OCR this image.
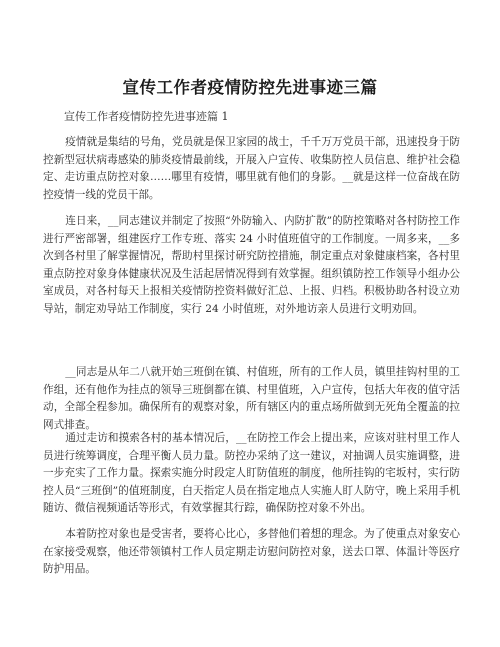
宣传工作者疫情防控先进事迹三篇

宣传工作者疫情防控先进事迹篇 1

疫情就是集结的号角，党员就是保卫家园的战士，千千万万党员干部，迅速投身于防控新型冠状病毒感染的肺炎疫情最前线，开展入户宣传、收集防控人员信息、维护社会稳定、走访重点防控对象……哪里有疫情，哪里就有他们的身影。__就是这样一位奋战在防控疫情一线的党员干部。

连日来，__同志建议并制定了按照“外防输入、内防扩散”的防控策略对各村防控工作进行严密部署，组建医疗工作专班、落实 24 小时值班值守的工作制度。一周多来，__多次到各村里了解掌握情况，帮助村里探讨研究防控措施，制定重点对象健康档案，各村里重点防控对象身体健康状况及生活起居情况得到有效掌握。组织镇防控工作领导小组办公室成员，对各村每天上报相关疫情防控资料做好汇总、上报、归档。积极协助各村设立劝导站，制定劝导站工作制度，实行 24 小时值班，对外地访亲人员进行文明劝回。

__同志是从年二八就开始三班倒在镇、村值班，所有的工作人员，镇里挂钩村里的工作组，还有他作为挂点的领导三班倒都在镇、村里值班，入户宣传，包括大年夜的值守活动，全部全程参加。确保所有的观察对象，所有辖区内的重点场所做到无死角全覆盖的拉网式排查。

通过走访和摸索各村的基本情况后，__在防控工作会上提出来，应该对驻村里工作人员进行统筹调度，合理平衡人员力量。防控办采纳了这一建议，对抽调人员实施调整，进一步充实了工作力量。探索实施分时段定人盯防值班的制度，他所挂钩的宅坂村，实行防控人员“三班倒”的值班制度，白天指定人员在指定地点人实施人盯人防守，晚上采用手机随访、微信视频通话等形式，有效掌握其行踪，确保防控对象不外出。

本着防控对象也是受害者，要将心比心，多替他们着想的理念。为了使重点对象安心在家接受观察，他还带领镇村工作人员定期走访慰问防控对象，送去口罩、体温计等医疗防护用品。
